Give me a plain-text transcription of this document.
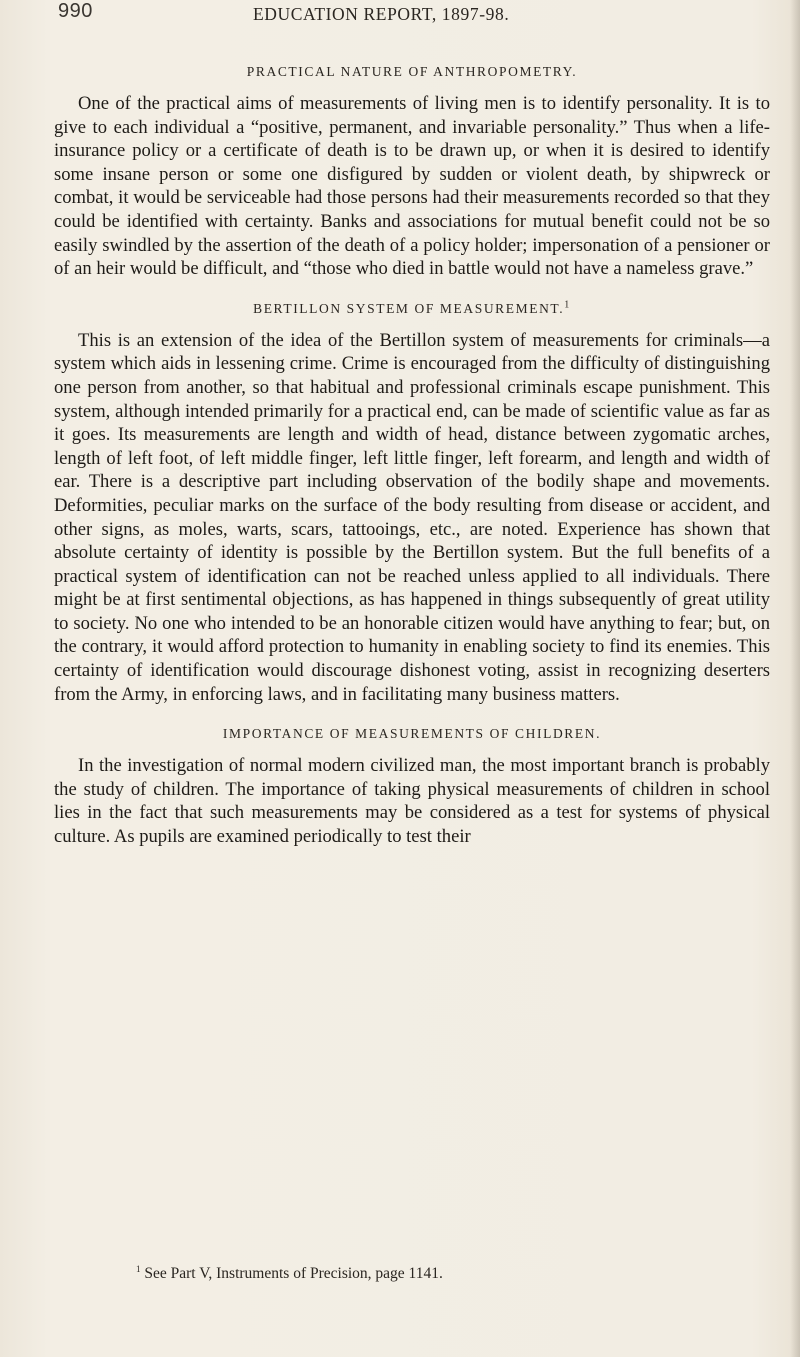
990	EDUCATION REPORT, 1897-98.
PRACTICAL NATURE OF ANTHROPOMETRY.

One of the practical aims of measurements of living men is to identify personality. It is to give to each individual a “positive, permanent, and invariable personality.” Thus when a life-insurance policy or a certificate of death is to be drawn up, or when it is desired to identify some insane person or some one disfigured by sudden or violent death, by shipwreck or combat, it would be serviceable had those persons had their measurements recorded so that they could be identified with certainty. Banks and associations for mutual benefit could not be so easily swindled by the assertion of the death of a policy holder; impersonation of a pensioner or of an heir would be difficult, and “those who died in battle would not have a nameless grave.”

BERTILLON SYSTEM OF MEASUREMENT.$^1$

This is an extension of the idea of the Bertillon system of measurements for criminals—a system which aids in lessening crime. Crime is encouraged from the difficulty of distinguishing one person from another, so that habitual and professional criminals escape punishment. This system, although intended primarily for a practical end, can be made of scientific value as far as it goes. Its measurements are length and width of head, distance between zygomatic arches, length of left foot, of left middle finger, left little finger, left forearm, and length and width of ear. There is a descriptive part including observation of the bodily shape and movements. Deformities, peculiar marks on the surface of the body resulting from disease or accident, and other signs, as moles, warts, scars, tattooings, etc., are noted. Experience has shown that absolute certainty of identity is possible by the Bertillon system. But the full benefits of a practical system of identification can not be reached unless applied to all individuals. There might be at first sentimental objections, as has happened in things subsequently of great utility to society. No one who intended to be an honorable citizen would have anything to fear; but, on the contrary, it would afford protection to humanity in enabling society to find its enemies. This certainty of identification would discourage dishonest voting, assist in recognizing deserters from the Army, in enforcing laws, and in facilitating many business matters.

IMPORTANCE OF MEASUREMENTS OF CHILDREN.

In the investigation of normal modern civilized man, the most important branch is probably the study of children. The importance of taking physical measurements of children in school lies in the fact that such measurements may be considered as a test for systems of physical culture. As pupils are examined periodically to test their

$^1$ See Part V, Instruments of Precision, page 1141.
